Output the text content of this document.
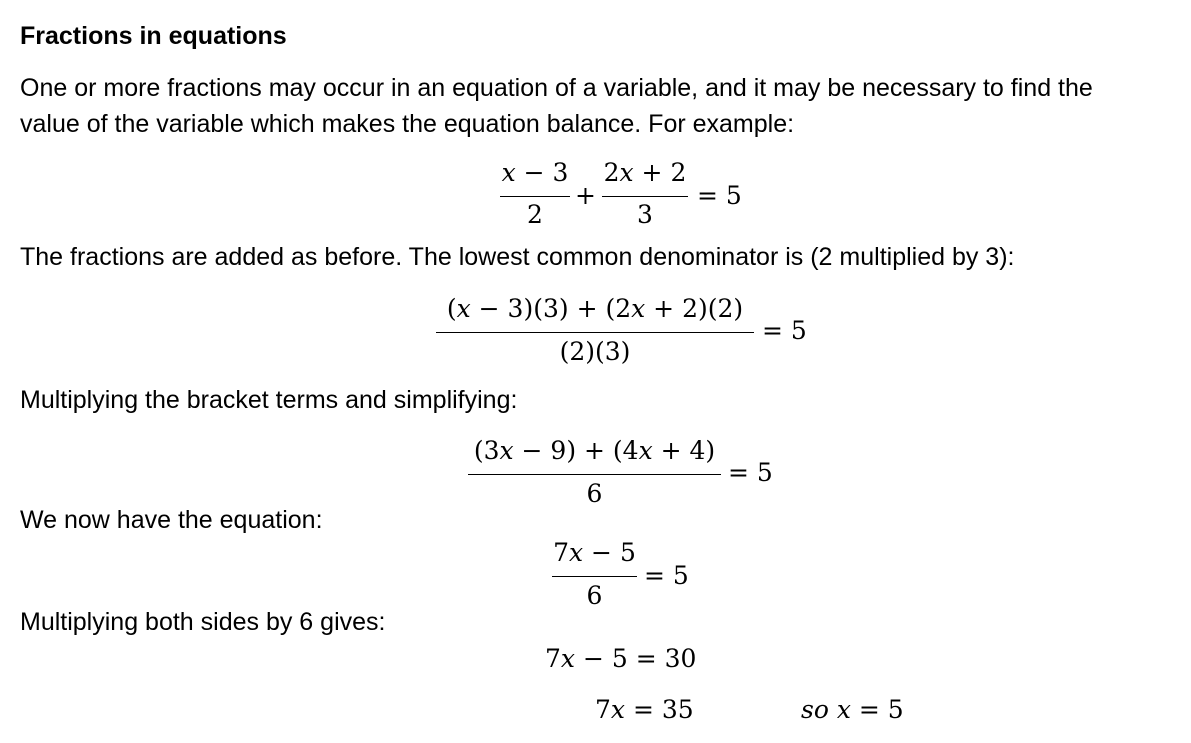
Fractions in equations
One or more fractions may occur in an equation of a variable, and it may be necessary to find the
value of the variable which makes the equation balance. For example:
𝑥 − 3
2
+
2𝑥 + 2
3
= 5
The fractions are added as before. The lowest common denominator is (2 multiplied by 3):
(𝑥 − 3)(3) + (2𝑥 + 2)(2)
(2)(3)
= 5
Multiplying the bracket terms and simplifying:
(3𝑥 − 9) + (4𝑥 + 4)
6
= 5
We now have the equation:
7𝑥 − 5
6
= 5
Multiplying both sides by 6 gives:
7𝑥 − 5 = 30
7𝑥 = 35	𝑠𝑜 𝑥 = 5
